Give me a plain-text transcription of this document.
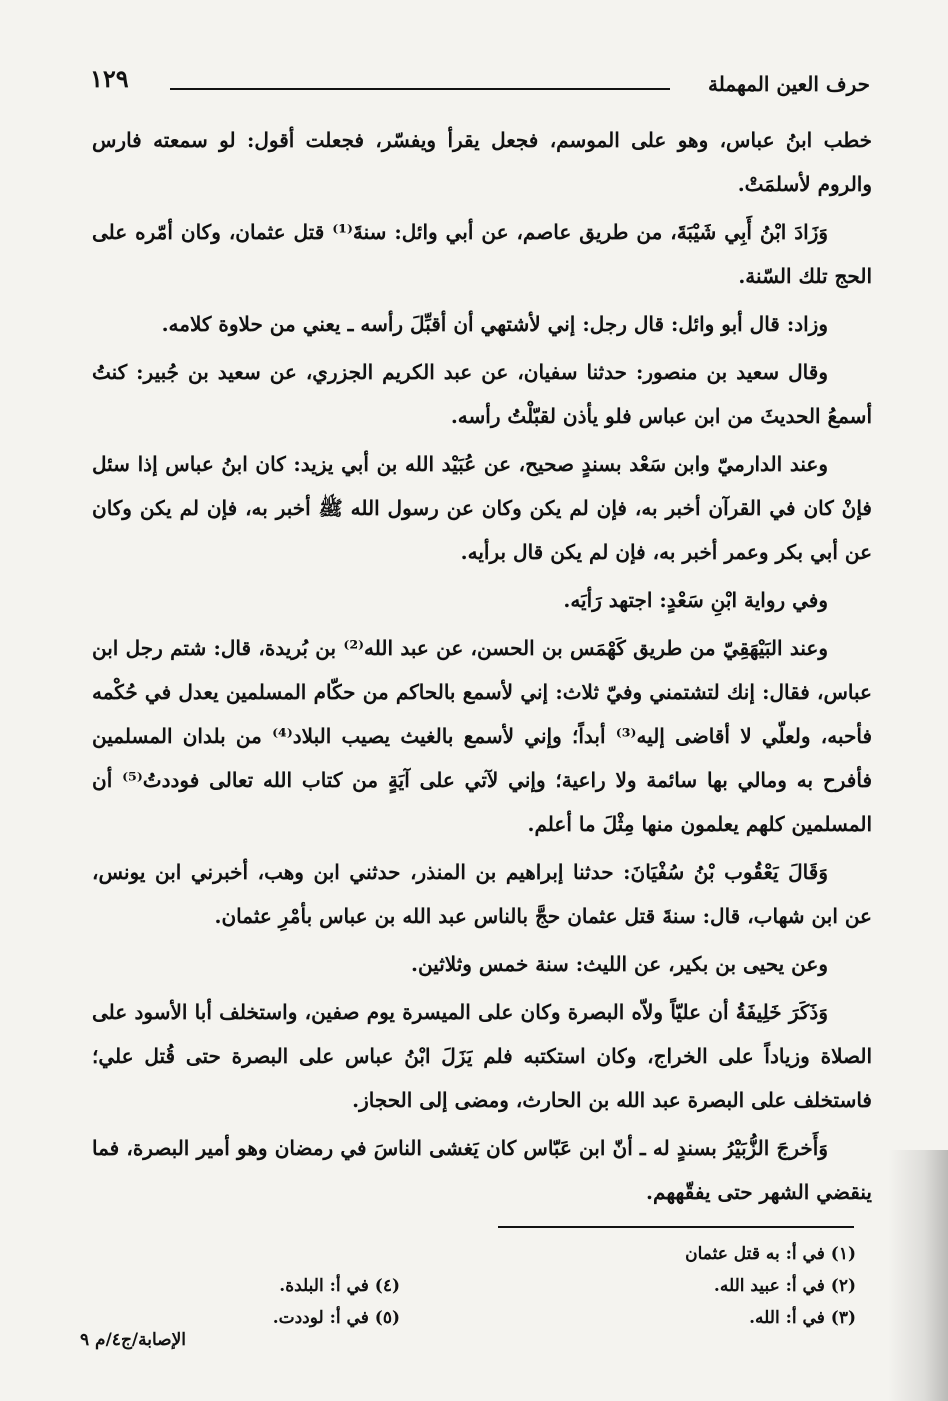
حرف العين المهملة
١٢٩

خطب ابنُ عباس، وهو على الموسم، فجعل يقرأ ويفسّر، فجعلت أقول: لو سمعته فارس والروم لأسلمَتْ.

وَزَادَ ابْنُ أَبِي شَيْبَةَ، من طريق عاصم، عن أبي وائل: سنةَ⁽¹⁾ قتل عثمان، وكان أمّره على الحج تلك السّنة.

وزاد: قال أبو وائل: قال رجل: إني لأشتهي أن أقبِّلَ رأسه ـ يعني من حلاوة كلامه.

وقال سعيد بن منصور: حدثنا سفيان، عن عبد الكريم الجزري، عن سعيد بن جُبير: كنتُ أسمعُ الحديثَ من ابن عباس فلو يأذن لقبّلْتُ رأسه.

وعند الدارميّ وابن سَعْد بسندٍ صحيح، عن عُبَيْد الله بن أبي يزيد: كان ابنُ عباس إذا سئل فإنْ كان في القرآن أخبر به، فإن لم يكن وكان عن رسول الله ﷺ أخبر به، فإن لم يكن وكان عن أبي بكر وعمر أخبر به، فإن لم يكن قال برأيه.

وفي رواية ابْنِ سَعْدٍ: اجتهد رَأيَه.

وعند البَيْهَقِيّ من طريق كَهْمَس بن الحسن، عن عبد الله⁽²⁾ بن بُريدة، قال: شتم رجل ابن عباس، فقال: إنك لتشتمني وفيّ ثلاث: إني لأسمع بالحاكم من حكّام المسلمين يعدل في حُكْمه فأحبه، ولعلّي لا أقاضى إليه⁽³⁾ أبداً؛ وإني لأسمع بالغيث يصيب البلاد⁽⁴⁾ من بلدان المسلمين فأفرح به ومالي بها سائمة ولا راعية؛ وإني لآتي على آيَةٍ من كتاب الله تعالى فوددتُ⁽⁵⁾ أن المسلمين كلهم يعلمون منها مِثْلَ ما أعلم.

وَقَالَ يَعْقُوب بْنُ سُفْيَانَ: حدثنا إبراهيم بن المنذر، حدثني ابن وهب، أخبرني ابن يونس، عن ابن شهاب، قال: سنةَ قتل عثمان حجَّ بالناس عبد الله بن عباس بأمْرِ عثمان.

وعن يحيى بن بكير، عن الليث: سنة خمس وثلاثين.

وَذَكَرَ خَلِيفَةُ أن عليّاً ولاّه البصرة وكان على الميسرة يوم صفين، واستخلف أبا الأسود على الصلاة وزياداً على الخراج، وكان استكتبه فلم يَزَلَ ابْنُ عباس على البصرة حتى قُتل علي؛ فاستخلف على البصرة عبد الله بن الحارث، ومضى إلى الحجاز.

وَأَخرجَ الزُّبَيْرُ بسندٍ له ـ أنّ ابن عَبّاس كان يَغشى الناسَ في رمضان وهو أمير البصرة، فما ينقضي الشهر حتى يفقّههم.

(١) في أ: به قتل عثمان
(٢) في أ: عبيد الله.
(٣) في أ: الله.
(٤) في أ: البلدة.
(٥) في أ: لوددت.
الإصابة/ج٤/م ٩
